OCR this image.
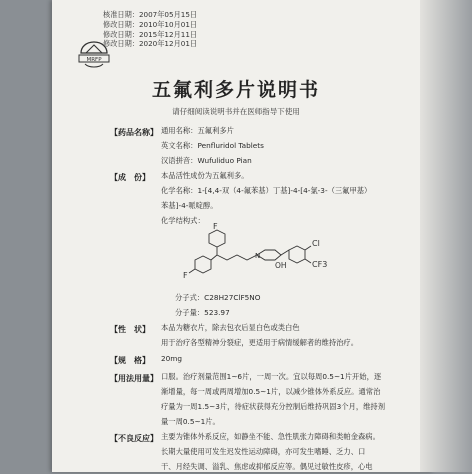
核准日期：2007年05月15日
修改日期：2010年10月01日
修改日期：2015年12月11日
修改日期：2020年12月01日
MRFP
五氟利多片说明书
请仔细阅读说明书并在医师指导下使用
【药品名称】 通用名称：五氟利多片
英文名称：Penfluridol Tablets
汉语拼音：Wufuliduo Pian
【成　份】 本品活性成份为五氟利多。
化学名称：1-[4,4-双（4-氟苯基）丁基]-4-[4-氯-3-（三氟甲基）
苯基]-4-哌啶醇。
化学结构式：
F
F
N
OH
Cl
CF3
分子式：C28H27ClF5NO
分子量：523.97
【性　状】 本品为糖衣片，除去包衣后显白色或类白色
用于治疗各型精神分裂症，更适用于病情缓解者的维持治疗。
【规　格】 20mg
【用法用量】 口服。治疗剂量范围1~6片，一周一次。宜以每周0.5~1片开始，逐
渐增量，每一周或两周增加0.5~1片，以减少锥体外系反应。通常治
疗量为一周1.5~3片，待症状获得充分控制后维持巩固3个月，维持剂
量一周0.5~1片。
【不良反应】 主要为锥体外系反应，如静坐不能、急性肌张力障碍和类帕金森病。
长期大量使用可发生迟发性运动障碍，亦可发生嗜睡、乏力、口
干、月经失调、溢乳、焦虑或抑郁反应等。偶见过敏性皮疹，心电
